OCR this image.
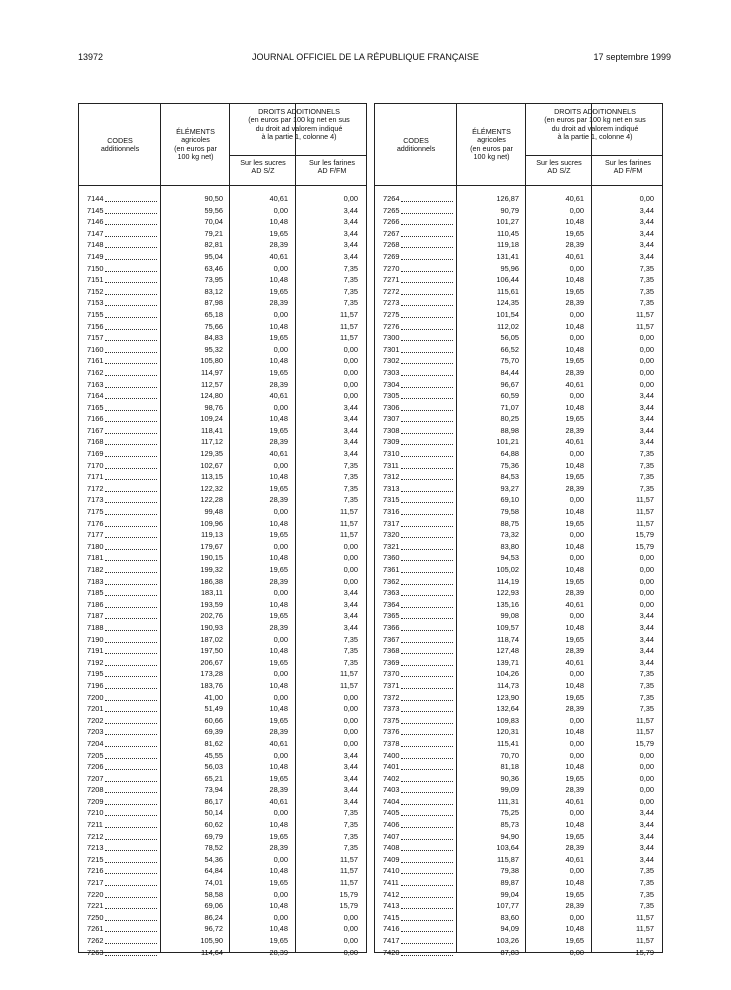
13972	JOURNAL OFFICIEL DE LA RÉPUBLIQUE FRANÇAISE	17 septembre 1999
CODES
additionnels
ÉLÉMENTS
agricoles
(en euros par
100 kg net)
DROITS ADDITIONNELS
(en euros par 100 kg net en sus
du droit ad valorem indiqué
à la partie 1, colonne 4)
Sur les sucres
AD S/Z
Sur les farines
AD F/FM
7144	90,50	40,61	0,00
7145	59,56	0,00	3,44
7146	70,04	10,48	3,44
7147	79,21	19,65	3,44
7148	82,81	28,39	3,44
7149	95,04	40,61	3,44
7150	63,46	0,00	7,35
7151	73,95	10,48	7,35
7152	83,12	19,65	7,35
7153	87,98	28,39	7,35
7155	65,18	0,00	11,57
7156	75,66	10,48	11,57
7157	84,83	19,65	11,57
7160	95,32	0,00	0,00
7161	105,80	10,48	0,00
7162	114,97	19,65	0,00
7163	112,57	28,39	0,00
7164	124,80	40,61	0,00
7165	98,76	0,00	3,44
7166	109,24	10,48	3,44
7167	118,41	19,65	3,44
7168	117,12	28,39	3,44
7169	129,35	40,61	3,44
7170	102,67	0,00	7,35
7171	113,15	10,48	7,35
7172	122,32	19,65	7,35
7173	122,28	28,39	7,35
7175	99,48	0,00	11,57
7176	109,96	10,48	11,57
7177	119,13	19,65	11,57
7180	179,67	0,00	0,00
7181	190,15	10,48	0,00
7182	199,32	19,65	0,00
7183	186,38	28,39	0,00
7185	183,11	0,00	3,44
7186	193,59	10,48	3,44
7187	202,76	19,65	3,44
7188	190,93	28,39	3,44
7190	187,02	0,00	7,35
7191	197,50	10,48	7,35
7192	206,67	19,65	7,35
7195	173,28	0,00	11,57
7196	183,76	10,48	11,57
7200	41,00	0,00	0,00
7201	51,49	10,48	0,00
7202	60,66	19,65	0,00
7203	69,39	28,39	0,00
7204	81,62	40,61	0,00
7205	45,55	0,00	3,44
7206	56,03	10,48	3,44
7207	65,21	19,65	3,44
7208	73,94	28,39	3,44
7209	86,17	40,61	3,44
7210	50,14	0,00	7,35
7211	60,62	10,48	7,35
7212	69,79	19,65	7,35
7213	78,52	28,39	7,35
7215	54,36	0,00	11,57
7216	64,84	10,48	11,57
7217	74,01	19,65	11,57
7220	58,58	0,00	15,79
7221	69,06	10,48	15,79
7250	86,24	0,00	0,00
7261	96,72	10,48	0,00
7262	105,90	19,65	0,00
7263	114,64	28,39	0,00
CODES
additionnels
ÉLÉMENTS
agricoles
(en euros par
100 kg net)
DROITS ADDITIONNELS
(en euros par 100 kg net en sus
du droit ad valorem indiqué
à la partie 1, colonne 4)
Sur les sucres
AD S/Z
Sur les farines
AD F/FM
7264	126,87	40,61	0,00
7265	90,79	0,00	3,44
7266	101,27	10,48	3,44
7267	110,45	19,65	3,44
7268	119,18	28,39	3,44
7269	131,41	40,61	3,44
7270	95,96	0,00	7,35
7271	106,44	10,48	7,35
7272	115,61	19,65	7,35
7273	124,35	28,39	7,35
7275	101,54	0,00	11,57
7276	112,02	10,48	11,57
7300	56,05	0,00	0,00
7301	66,52	10,48	0,00
7302	75,70	19,65	0,00
7303	84,44	28,39	0,00
7304	96,67	40,61	0,00
7305	60,59	0,00	3,44
7306	71,07	10,48	3,44
7307	80,25	19,65	3,44
7308	88,98	28,39	3,44
7309	101,21	40,61	3,44
7310	64,88	0,00	7,35
7311	75,36	10,48	7,35
7312	84,53	19,65	7,35
7313	93,27	28,39	7,35
7315	69,10	0,00	11,57
7316	79,58	10,48	11,57
7317	88,75	19,65	11,57
7320	73,32	0,00	15,79
7321	83,80	10,48	15,79
7360	94,53	0,00	0,00
7361	105,02	10,48	0,00
7362	114,19	19,65	0,00
7363	122,93	28,39	0,00
7364	135,16	40,61	0,00
7365	99,08	0,00	3,44
7366	109,57	10,48	3,44
7367	118,74	19,65	3,44
7368	127,48	28,39	3,44
7369	139,71	40,61	3,44
7370	104,26	0,00	7,35
7371	114,73	10,48	7,35
7372	123,90	19,65	7,35
7373	132,64	28,39	7,35
7375	109,83	0,00	11,57
7376	120,31	10,48	11,57
7378	115,41	0,00	15,79
7400	70,70	0,00	0,00
7401	81,18	10,48	0,00
7402	90,36	19,65	0,00
7403	99,09	28,39	0,00
7404	111,31	40,61	0,00
7405	75,25	0,00	3,44
7406	85,73	10,48	3,44
7407	94,90	19,65	3,44
7408	103,64	28,39	3,44
7409	115,87	40,61	3,44
7410	79,38	0,00	7,35
7411	89,87	10,48	7,35
7412	99,04	19,65	7,35
7413	107,77	28,39	7,35
7415	83,60	0,00	11,57
7416	94,09	10,48	11,57
7417	103,26	19,65	11,57
7420	87,83	0,00	15,79
